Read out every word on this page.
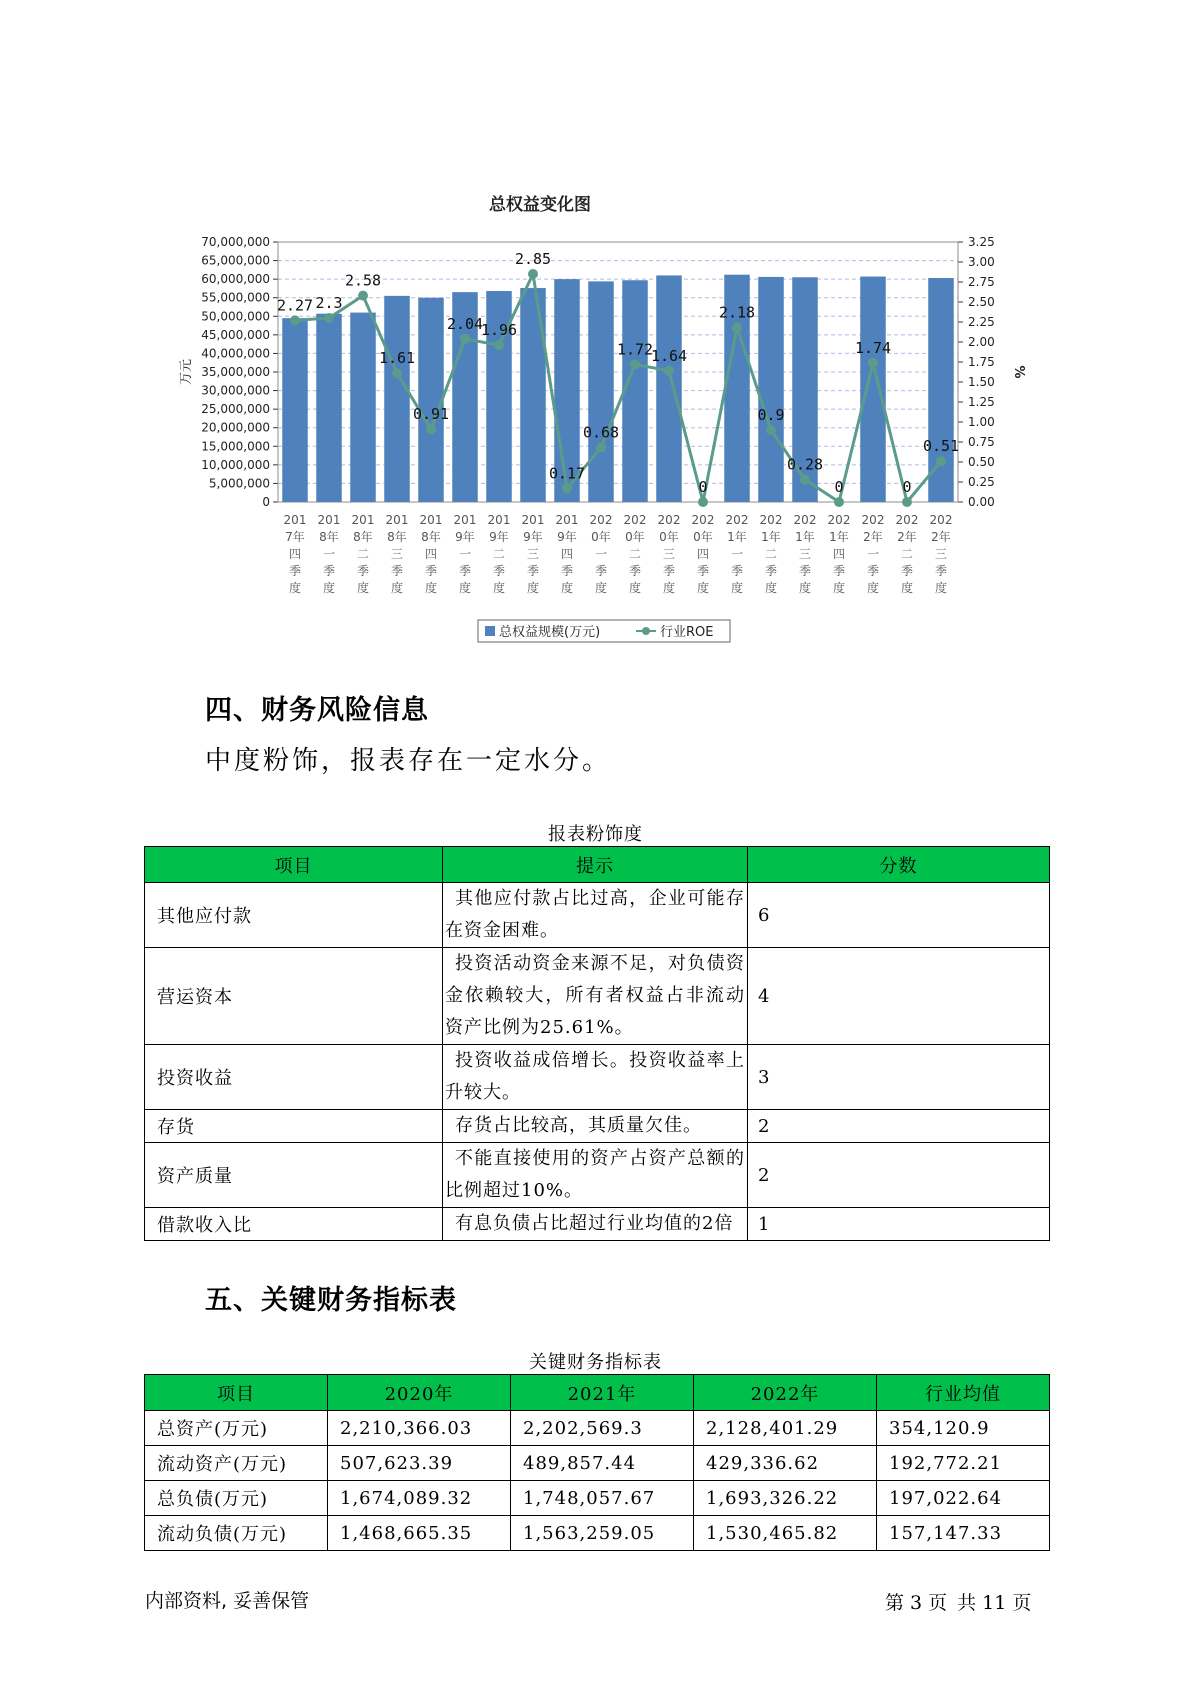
总权益变化图
0
5,000,000
10,000,000
15,000,000
20,000,000
25,000,000
30,000,000
35,000,000
40,000,000
45,000,000
50,000,000
55,000,000
60,000,000
65,000,000
70,000,000
0.00
0.25
0.50
0.75
1.00
1.25
1.50
1.75
2.00
2.25
2.50
2.75
3.00
3.25
万元	%
2.27 2.3
2.58
1.61
0.91
2.04
1.96
2.85
0.17
0.68
1.72
1.64
0
2.18
0.9
0.28
0
1.74
0
0.51
201 7年四季度
201 8年一季度
201 8年二季度
201 8年三季度
201 8年四季度
201 9年一季度
201 9年二季度
201 9年三季度
201 9年四季度
202 0年一季度
202 0年二季度
202 0年三季度
202 0年四季度
202 1年一季度
202 1年二季度
202 1年三季度
202 1年四季度
202 2年一季度
202 2年二季度
202 2年三季度
总权益规模(万元)	行业ROE
四、财务风险信息
中度粉饰，报表存在一定水分。
报表粉饰度
项目	提示	分数
其他应付款	其他应付款占比过高，企业可能存在资金困难。	6
营运资本	投资活动资金来源不足，对负债资金依赖较大，所有者权益占非流动资产比例为25.61%。	4
投资收益	投资收益成倍增长。投资收益率上升较大。	3
存货	存货占比较高，其质量欠佳。	2
资产质量	不能直接使用的资产占资产总额的比例超过10%。	2
借款收入比	有息负债占比超过行业均值的2倍	1
五、关键财务指标表
关键财务指标表
项目	2020年	2021年	2022年	行业均值
总资产(万元)	2,210,366.03	2,202,569.3	2,128,401.29	354,120.9
流动资产(万元)	507,623.39	489,857.44	429,336.62	192,772.21
总负债(万元)	1,674,089.32	1,748,057.67	1,693,326.22	197,022.64
流动负债(万元)	1,468,665.35	1,563,259.05	1,530,465.82	157,147.33
内部资料, 妥善保管	第 3 页 共 11 页
